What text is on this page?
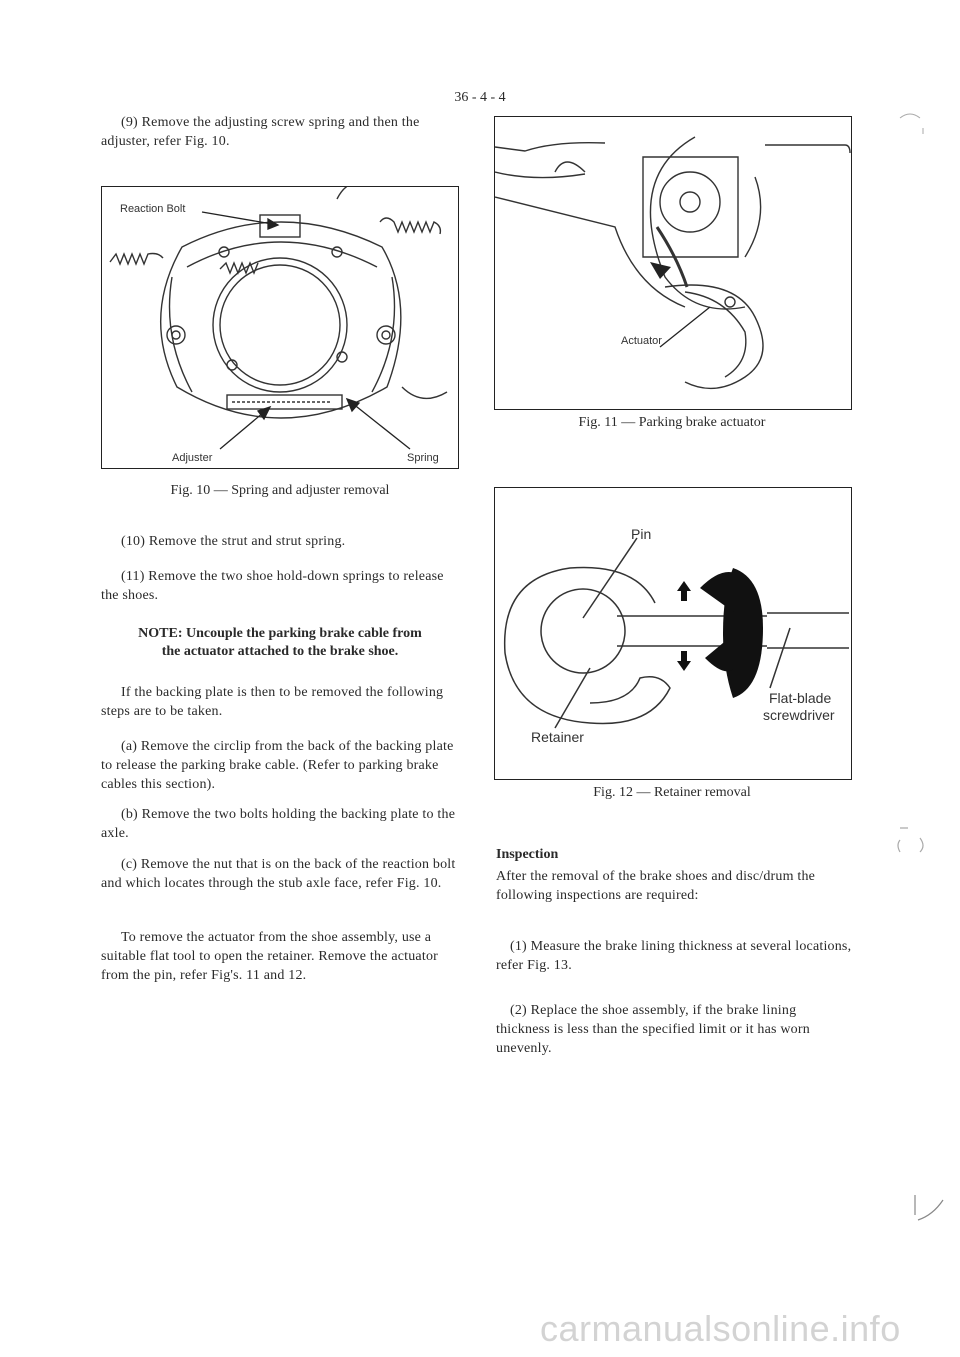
36 - 4 - 4
(9) Remove the adjusting screw spring and then the adjuster, refer Fig. 10.
Reaction Bolt
Adjuster	Spring
Fig. 10 — Spring and adjuster removal
(10) Remove the strut and strut spring.
(11) Remove the two shoe hold-down springs to release the shoes.
NOTE: Uncouple the parking brake cable from
the actuator attached to the brake shoe.
If the backing plate is then to be removed the following steps are to be taken.
(a) Remove the circlip from the back of the backing plate to release the parking brake cable. (Refer to parking brake cables this section).
(b) Remove the two bolts holding the backing plate to the axle.
(c) Remove the nut that is on the back of the reaction bolt and which locates through the stub axle face, refer Fig. 10.
To remove the actuator from the shoe assembly, use a suitable flat tool to open the retainer. Remove the actuator from the pin, refer Fig's. 11 and 12.
Actuator
Fig. 11 — Parking brake actuator
Pin
Flat-blade
screwdriver
Retainer
Fig. 12 — Retainer removal
Inspection
After the removal of the brake shoes and disc/drum the following inspections are required:
(1) Measure the brake lining thickness at several locations, refer Fig. 13.
(2) Replace the shoe assembly, if the brake lining thickness is less than the specified limit or it has worn unevenly.
carmanualsonline.info
